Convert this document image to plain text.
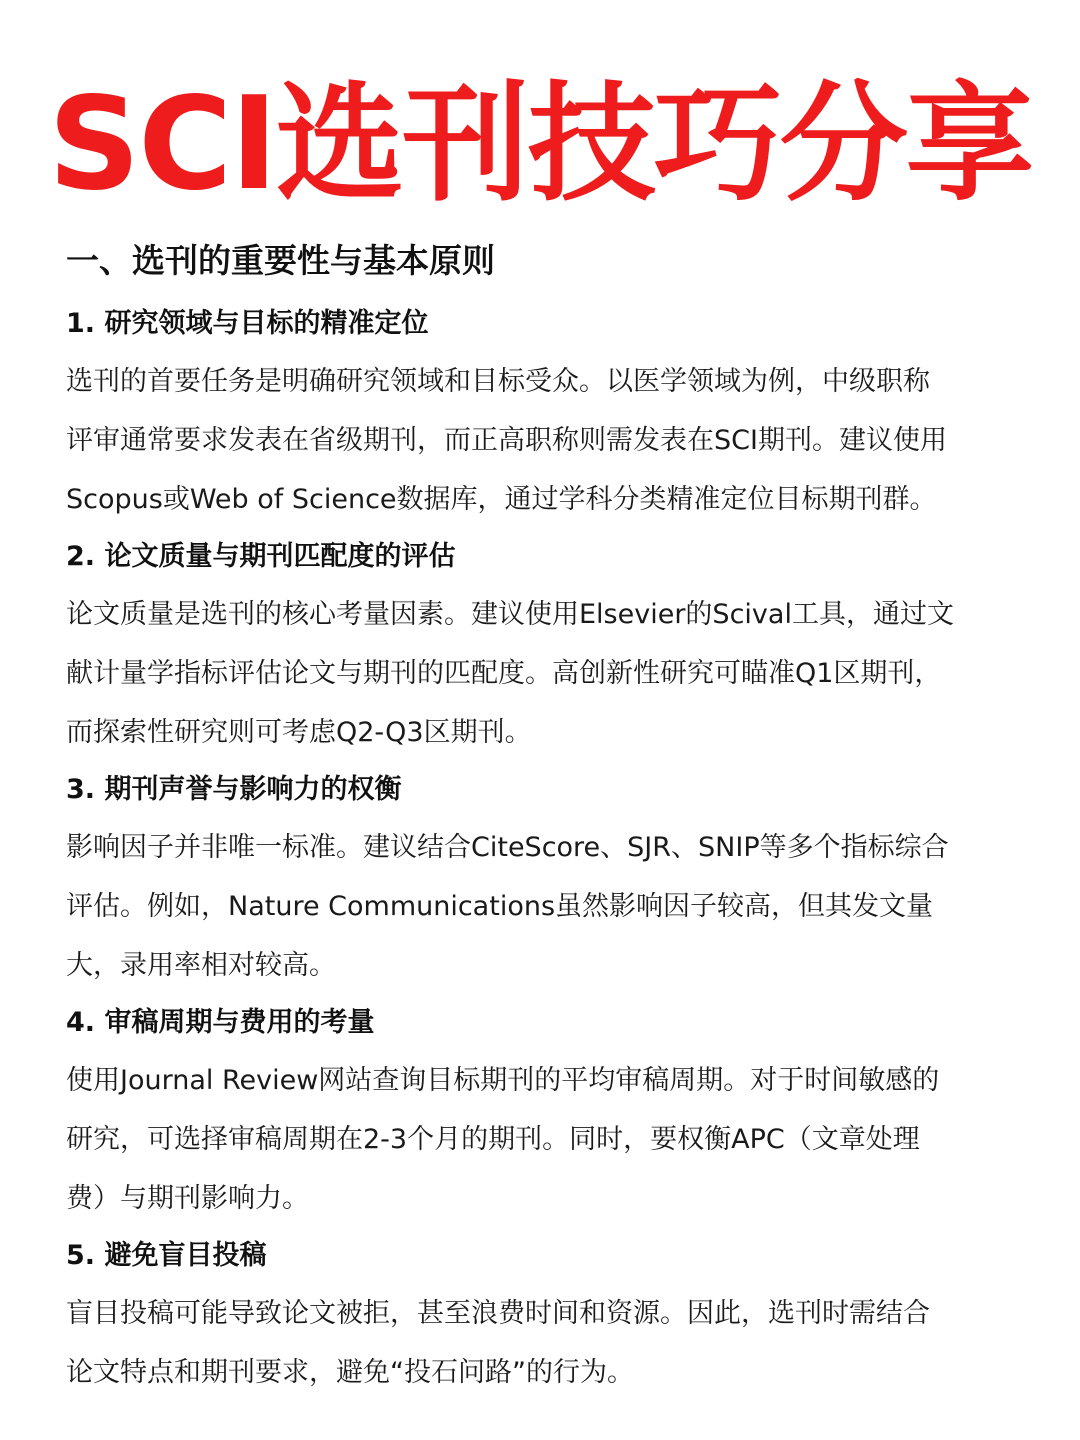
SCI选刊技巧分享
一、选刊的重要性与基本原则
1. 研究领域与目标的精准定位

选刊的首要任务是明确研究领域和目标受众。以医学领域为例，中级职称
评审通常要求发表在省级期刊，而正高职称则需发表在SCI期刊。建议使用
Scopus或Web of Science数据库，通过学科分类精准定位目标期刊群。

2. 论文质量与期刊匹配度的评估

论文质量是选刊的核心考量因素。建议使用Elsevier的Scival工具，通过文
献计量学指标评估论文与期刊的匹配度。高创新性研究可瞄准Q1区期刊，
而探索性研究则可考虑Q2-Q3区期刊。

3. 期刊声誉与影响力的权衡

影响因子并非唯一标准。建议结合CiteScore、SJR、SNIP等多个指标综合
评估。例如，Nature Communications虽然影响因子较高，但其发文量
大，录用率相对较高。

4. 审稿周期与费用的考量

使用Journal Review网站查询目标期刊的平均审稿周期。对于时间敏感的
研究，可选择审稿周期在2-3个月的期刊。同时，要权衡APC（文章处理
费）与期刊影响力。

5. 避免盲目投稿

盲目投稿可能导致论文被拒，甚至浪费时间和资源。因此，选刊时需结合
论文特点和期刊要求，避免“投石问路”的行为。
